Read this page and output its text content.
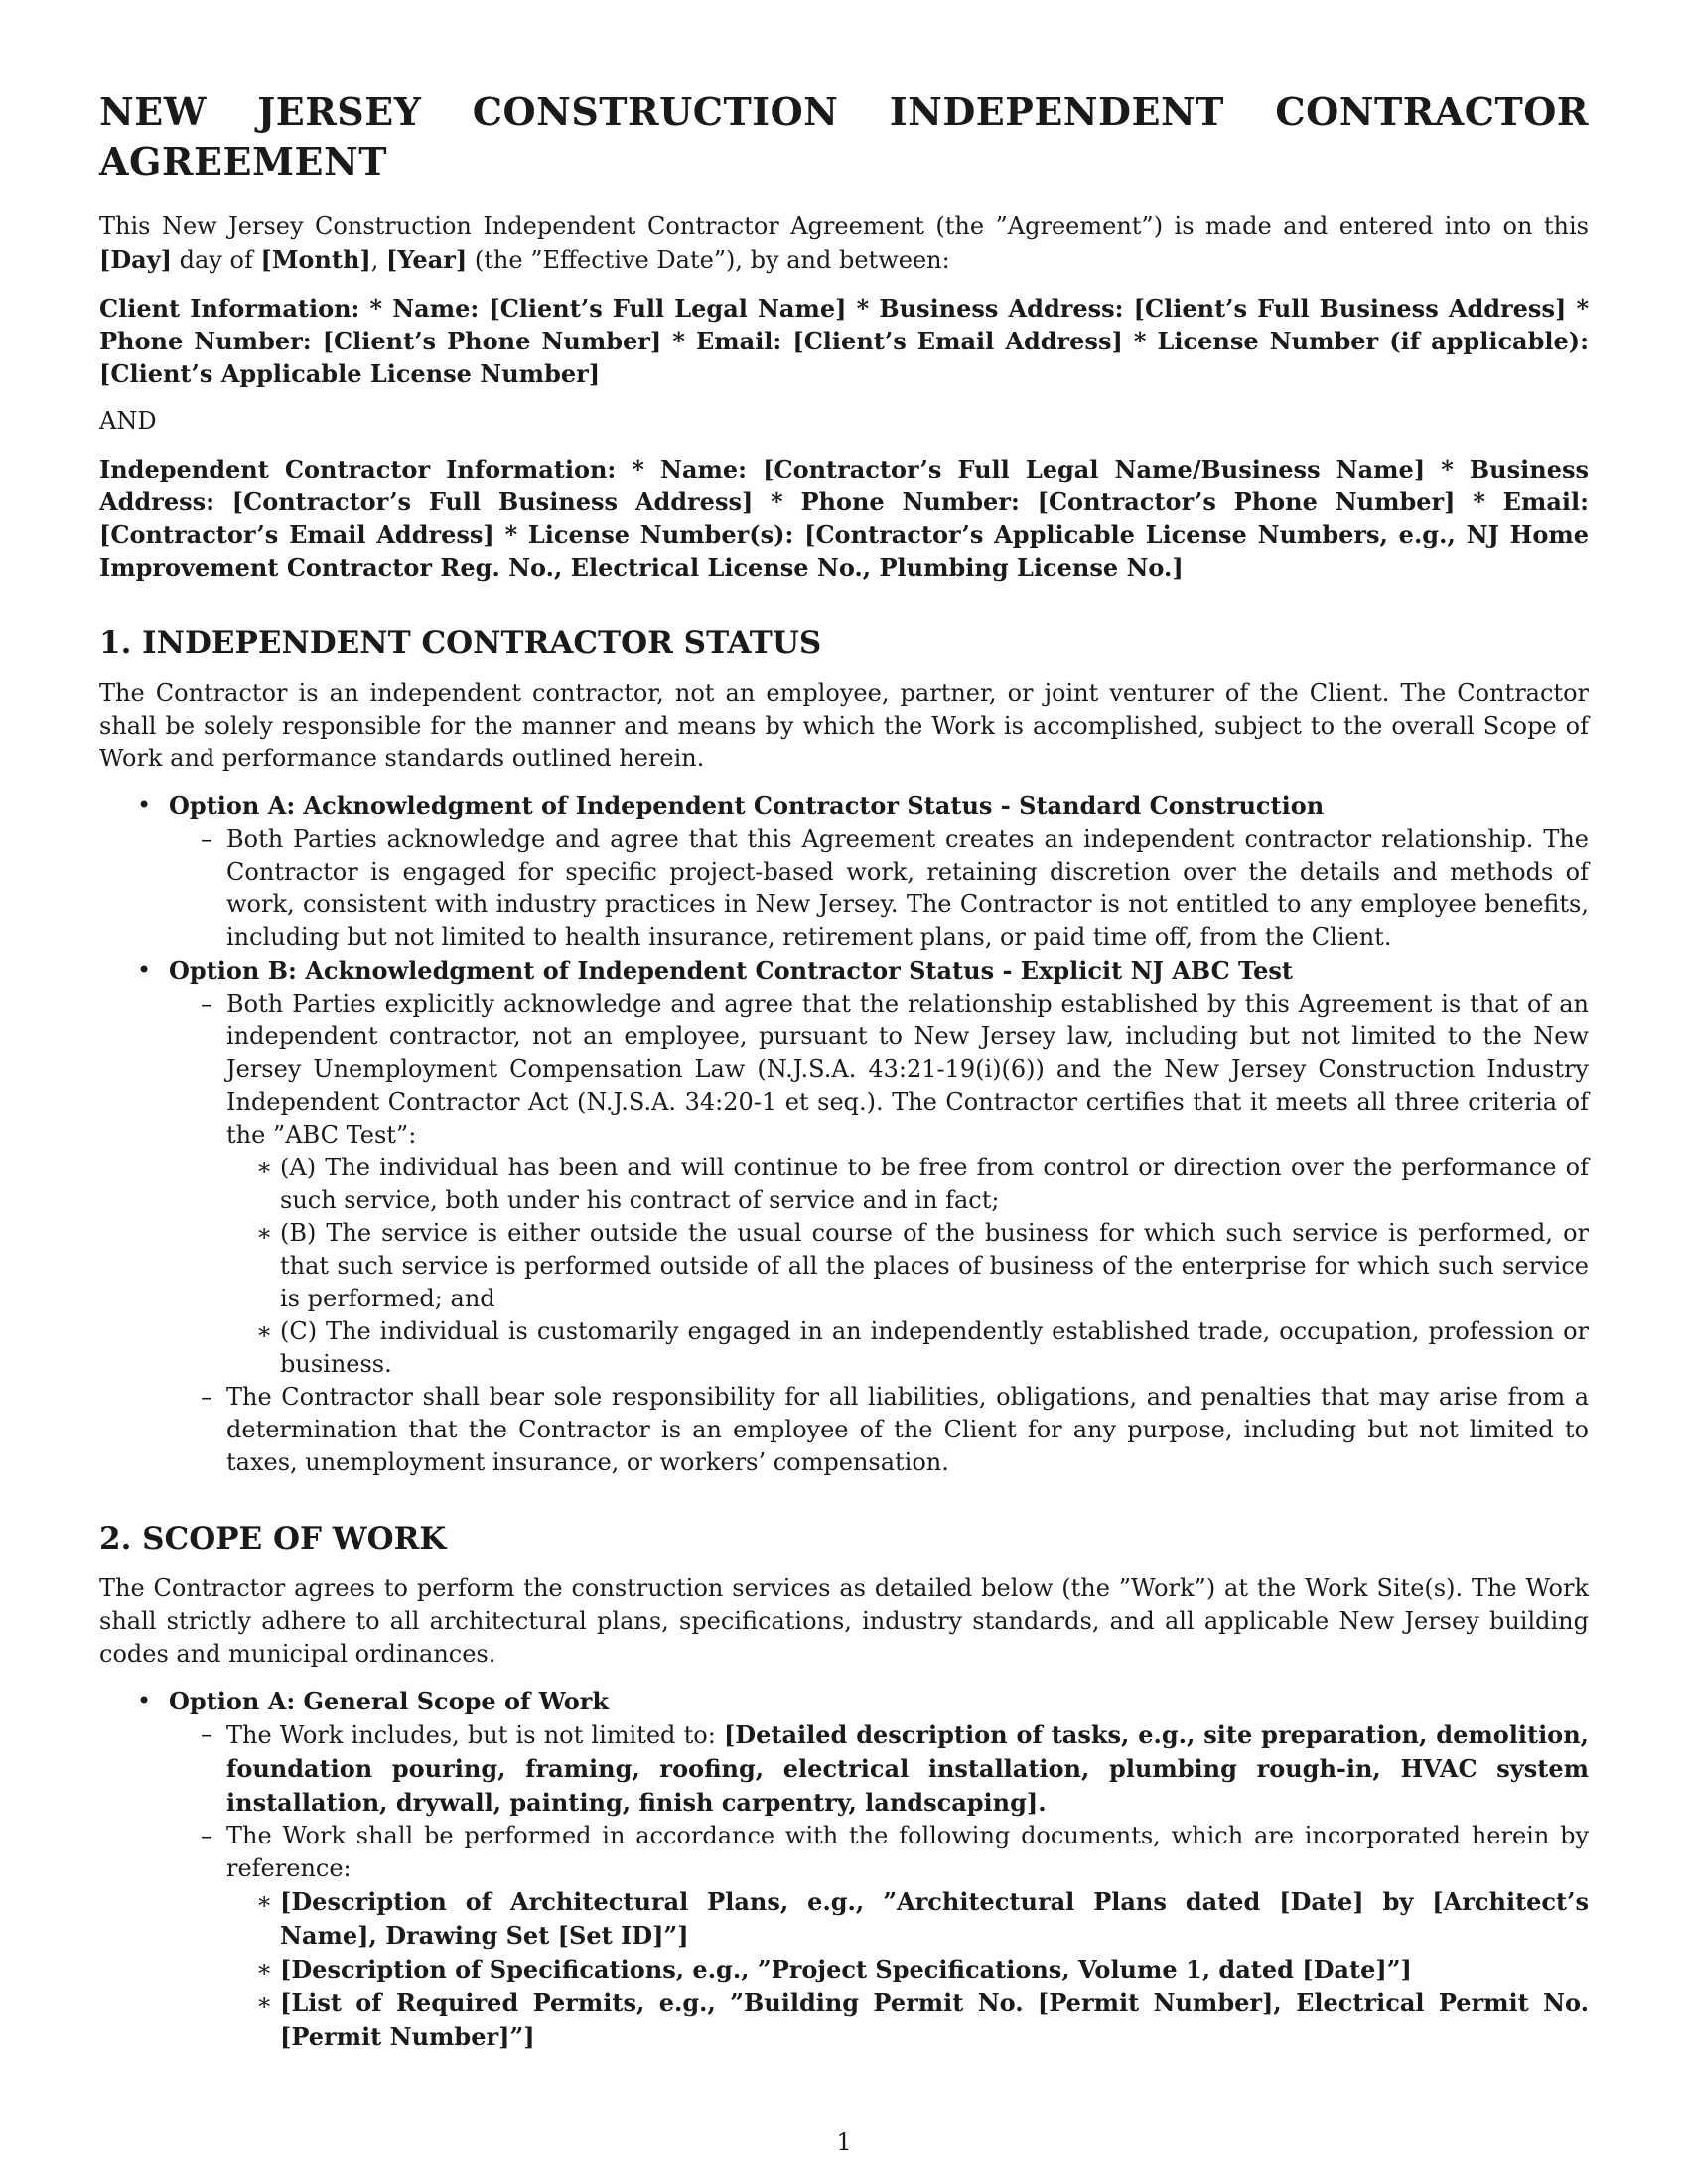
NEW JERSEY CONSTRUCTION INDEPENDENT CONTRACTOR AGREEMENT

This New Jersey Construction Independent Contractor Agreement (the ”Agreement”) is made and entered into on this [Day] day of [Month], [Year] (the ”Effective Date”), by and between:

Client Information: * Name: [Client’s Full Legal Name] * Business Address: [Client’s Full Business Address] * Phone Number: [Client’s Phone Number] * Email: [Client’s Email Address] * License Number (if applicable): [Client’s Applicable License Number]

AND

Independent Contractor Information: * Name: [Contractor’s Full Legal Name/Business Name] * Business Address: [Contractor’s Full Business Address] * Phone Number: [Contractor’s Phone Number] * Email: [Contractor’s Email Address] * License Number(s): [Contractor’s Applicable License Numbers, e.g., NJ Home Improvement Contractor Reg. No., Electrical License No., Plumbing License No.]

1. INDEPENDENT CONTRACTOR STATUS

The Contractor is an independent contractor, not an employee, partner, or joint venturer of the Client. The Contractor shall be solely responsible for the manner and means by which the Work is accomplished, subject to the overall Scope of Work and performance standards outlined herein.

• Option A: Acknowledgment of Independent Contractor Status - Standard Construction
– Both Parties acknowledge and agree that this Agreement creates an independent contractor relationship. The Contractor is engaged for specific project-based work, retaining discretion over the details and methods of work, consistent with industry practices in New Jersey. The Contractor is not entitled to any employee benefits, including but not limited to health insurance, retirement plans, or paid time off, from the Client.
• Option B: Acknowledgment of Independent Contractor Status - Explicit NJ ABC Test
– Both Parties explicitly acknowledge and agree that the relationship established by this Agreement is that of an independent contractor, not an employee, pursuant to New Jersey law, including but not limited to the New Jersey Unemployment Compensation Law (N.J.S.A. 43:21-19(i)(6)) and the New Jersey Construction Industry Independent Contractor Act (N.J.S.A. 34:20-1 et seq.). The Contractor certifies that it meets all three criteria of the ”ABC Test”:
∗ (A) The individual has been and will continue to be free from control or direction over the performance of such service, both under his contract of service and in fact;
∗ (B) The service is either outside the usual course of the business for which such service is performed, or that such service is performed outside of all the places of business of the enterprise for which such service is performed; and
∗ (C) The individual is customarily engaged in an independently established trade, occupation, profession or business.
– The Contractor shall bear sole responsibility for all liabilities, obligations, and penalties that may arise from a determination that the Contractor is an employee of the Client for any purpose, including but not limited to taxes, unemployment insurance, or workers’ compensation.
2. SCOPE OF WORK

The Contractor agrees to perform the construction services as detailed below (the ”Work”) at the Work Site(s). The Work shall strictly adhere to all architectural plans, specifications, industry standards, and all applicable New Jersey building codes and municipal ordinances.

• Option A: General Scope of Work
– The Work includes, but is not limited to: [Detailed description of tasks, e.g., site preparation, demolition, foundation pouring, framing, roofing, electrical installation, plumbing rough-in, HVAC system installation, drywall, painting, finish carpentry, landscaping].
– The Work shall be performed in accordance with the following documents, which are incorporated herein by reference:
∗ [Description of Architectural Plans, e.g., ”Architectural Plans dated [Date] by [Architect’s Name], Drawing Set [Set ID]”]
∗ [Description of Specifications, e.g., ”Project Specifications, Volume 1, dated [Date]”]
∗ [List of Required Permits, e.g., ”Building Permit No. [Permit Number], Electrical Permit No. [Permit Number]”]
1
